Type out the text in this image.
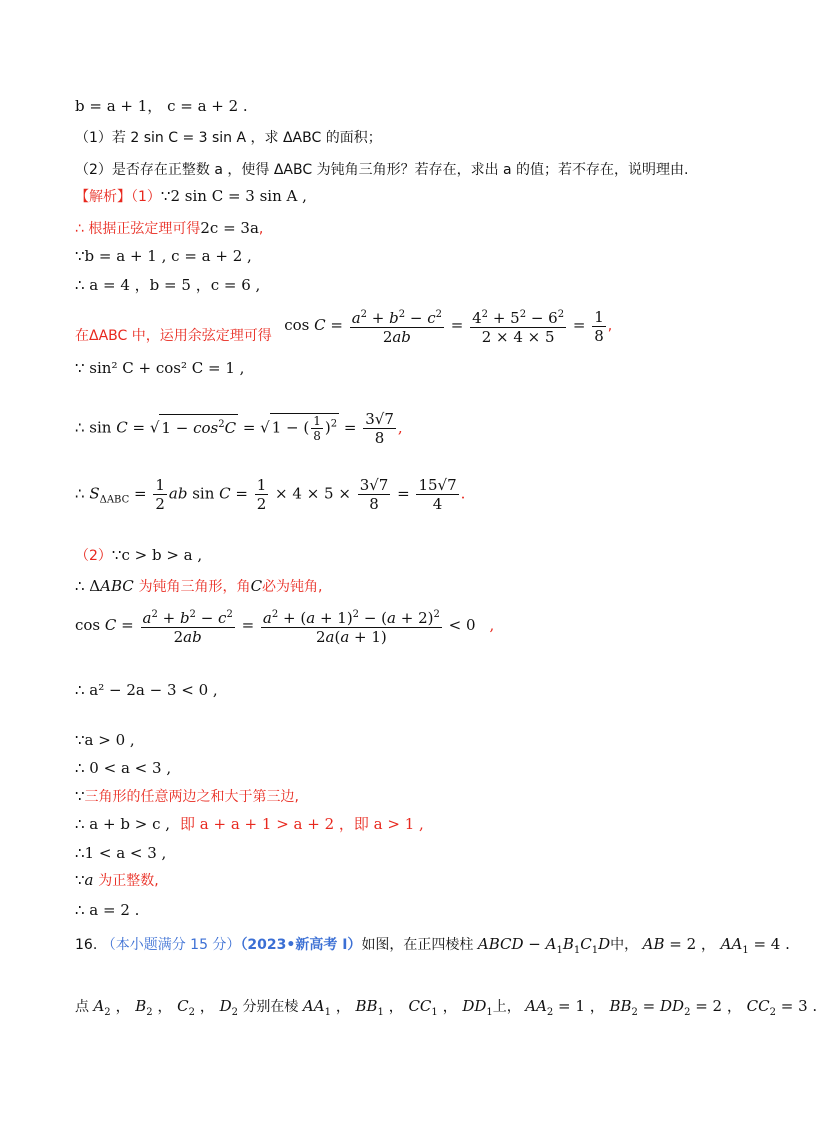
b = a + 1， c = a + 2 .
（1）若 2 sin C = 3 sin A ，求 ΔABC 的面积；
（2）是否存在正整数 a ，使得 ΔABC 为钝角三角形？若存在，求出 a 的值；若不存在，说明理由.
【解析】（1）∵2 sin C = 3 sin A ,
∴ 根据正弦定理可得2c = 3a,
∵b = a + 1 , c = a + 2 ,
∴ a = 4 ，b = 5 ，c = 6 ,
在ΔABC 中，运用余弦定理可得 $\cos C = \frac{a^2 + b^2 - c^2}{2ab} = \frac{4^2 + 5^2 - 6^2}{2 \times 4 \times 5} = \frac{1}{8}$ ,
∵ sin² C + cos² C = 1 ,
∴ sin C = √ $1 - \cos^2C$ = √ 1 − ( $\frac{1}{8} )^2 = \frac{3√7}{8}$ ,
∴ $S_{\Delta ABC} = \frac{1}{2}$ ab $\sin C = \frac{1}{2} \times 4 \times 5 \times \frac{3√7}{8} = \frac{15√7}{4}$ .
（2）∵c > b > a ,
∴ ΔABC 为钝角三角形，角C必为钝角,
$\cos C = \frac{a^2 + b^2 - c^2}{2ab} = \frac{a^2 + (a + 1)^2 - (a + 2)^2}{2a(a + 1)} < 0$ ,
∴ a² − 2a − 3 < 0 ,
∵a > 0 ,
∴ 0 < a < 3 ,
∵三角形的任意两边之和大于第三边,
∴ a + b > c , 即 a + a + 1 > a + 2 ，即 a > 1 ,
∴1 < a < 3 ,
∵a 为正整数,
∴ a = 2 .
16. （本小题满分 15 分）（2023•新高考 I）如图，在正四棱柱 ABCD − $A_1B_1C_1D$中， AB = 2 ， $AA_1 = 4$ .
点 $A_2$ ， $B_2$ ， $C_2$ ， $D_2$ 分别在棱 $AA_1$ ， $BB_1$ ， $CC_1$ ， $DD_1$上， $AA_2 = 1$ ， $BB_2 = DD_2 = 2$ ， $CC_2 = 3$ .
